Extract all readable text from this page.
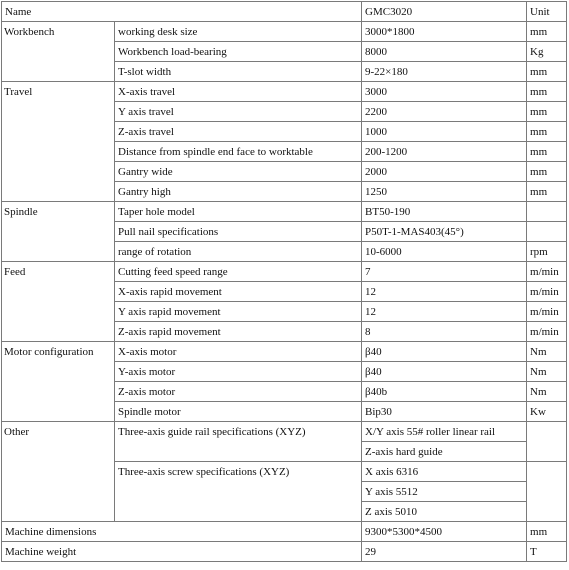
Name		GMC3020	Unit
Workbench	working desk size	3000*1800	mm
	Workbench load-bearing	8000	Kg
	T-slot width	9-22×180	mm
Travel	X-axis travel	3000	mm
	Y axis travel	2200	mm
	Z-axis travel	1000	mm
	Distance from spindle end face to worktable	200-1200	mm
	Gantry wide	2000	mm
	Gantry high	1250	mm
Spindle	Taper hole model	BT50-190	
	Pull nail specifications	P50T-1-MAS403(45°)	
	range of rotation	10-6000	rpm
Feed	Cutting feed speed range	7	m/min
	X-axis rapid movement	12	m/min
	Y axis rapid movement	12	m/min
	Z-axis rapid movement	8	m/min
Motor configuration	X-axis motor	β40	Nm
	Y-axis motor	β40	Nm
	Z-axis motor	β40b	Nm
	Spindle motor	Bip30	Kw
Other	Three-axis guide rail specifications (XYZ)	X/Y axis 55# roller linear rail	
		Z-axis hard guide	
	Three-axis screw specifications (XYZ)	X axis 6316	
		Y axis 5512	
		Z axis 5010	
Machine dimensions		9300*5300*4500	mm
Machine weight		29	T
